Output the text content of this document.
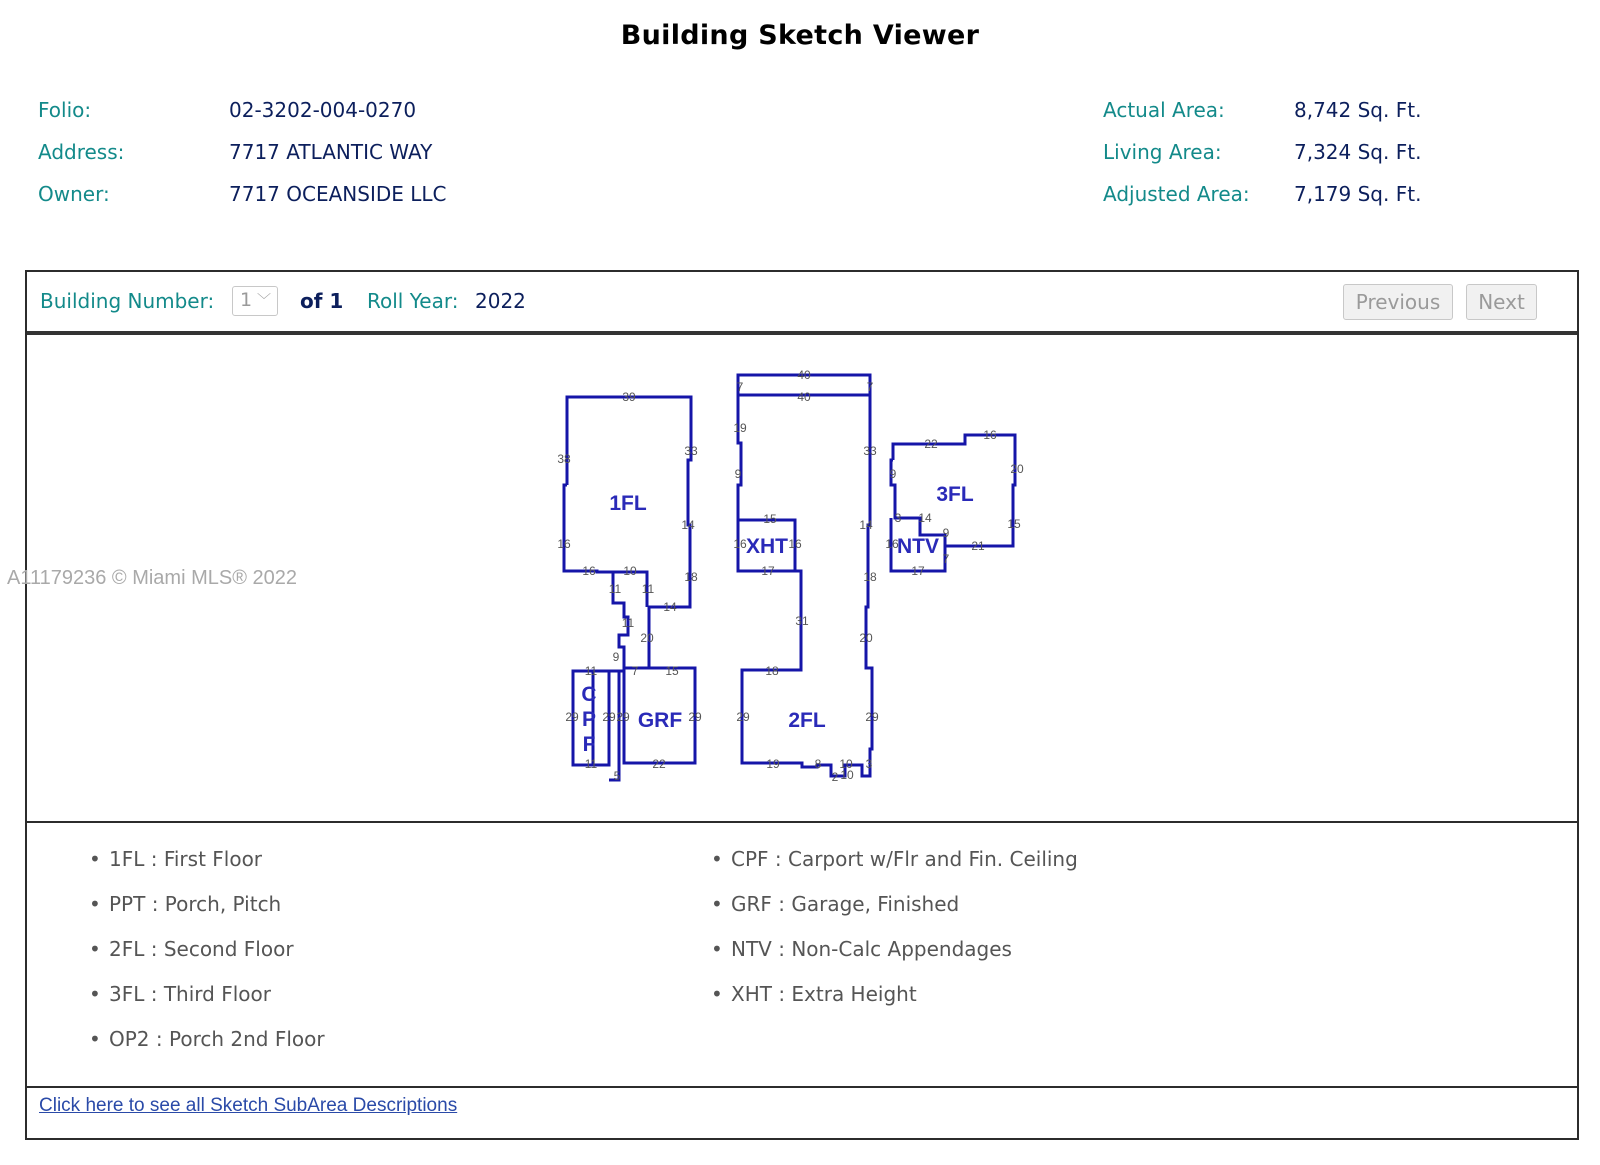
Building Sketch Viewer
Folio:	02-3202-004-0270
Address:	7717 ATLANTIC WAY
Owner:	7717 OCEANSIDE LLC
Actual Area:	8,742 Sq. Ft.
Living Area:	7,324 Sq. Ft.
Adjusted Area: 7,179 Sq. Ft.
Building Number:	1 ﹀ of 1 Roll Year: 2022	Previous	Next
39
38
33
14
16
18
16 10
11 11
14
11
20
9
11	7 15
29 29 29	29
11	22
5
40
7	7
40
19
33
9
15	14
16	16
17	18
31
20
18
29	29
19	8 10 3
2 10
22
16
20
9
3 14	15
9
16	21
7
17
1FL
C
P
F
GRF
XHT
2FL
3FL
NTV
A11179236 © Miami MLS® 2022
• 1FL : First Floor
• PPT : Porch, Pitch
• 2FL : Second Floor
• 3FL : Third Floor
• OP2 : Porch 2nd Floor
• CPF : Carport w/Flr and Fin. Ceiling
• GRF : Garage, Finished
• NTV : Non-Calc Appendages
• XHT : Extra Height
Click here to see all Sketch SubArea Descriptions
